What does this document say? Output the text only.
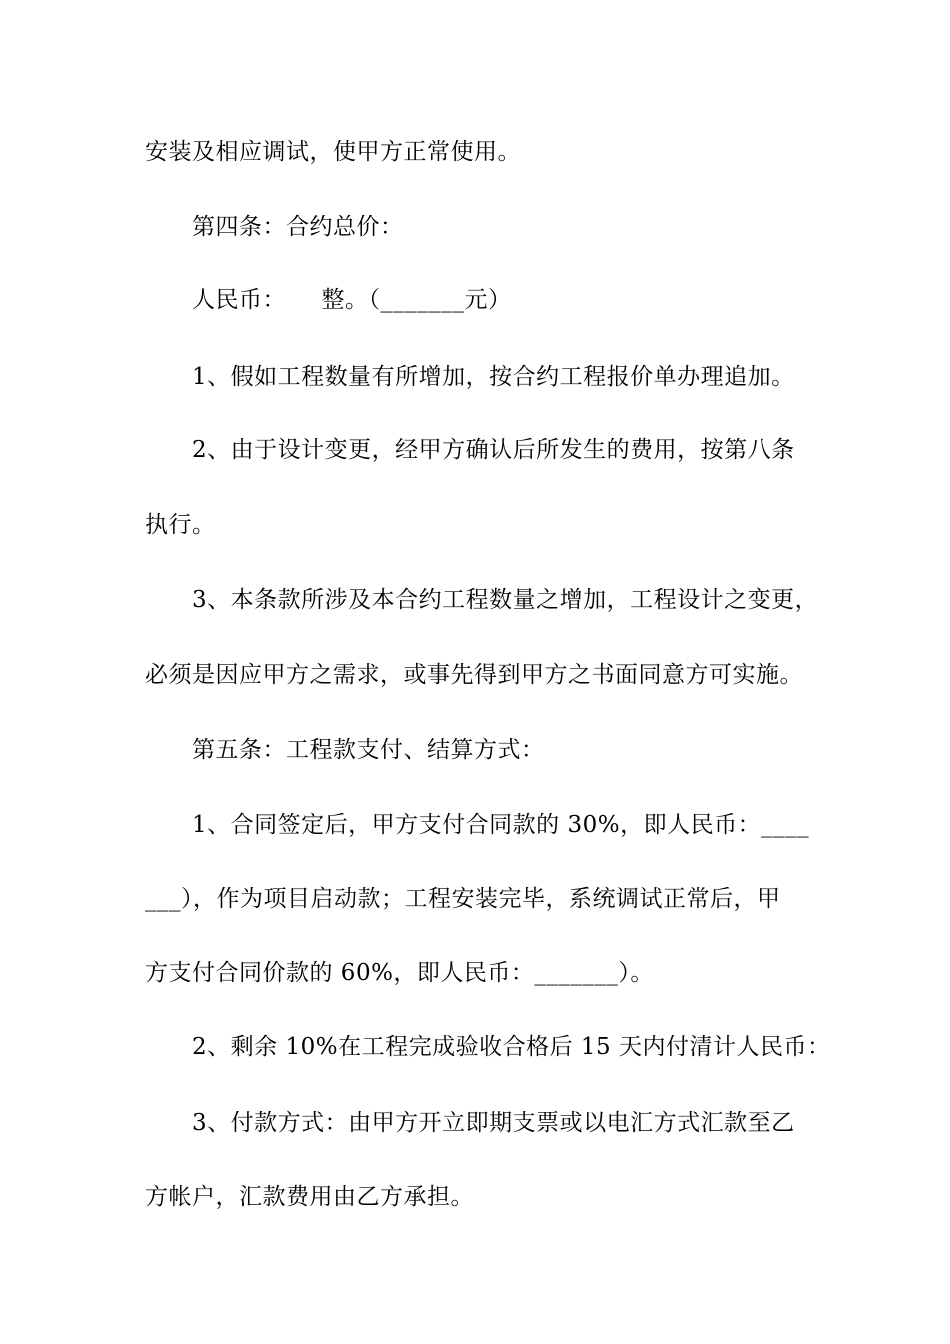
安装及相应调试，使甲方正常使用。
第四条：合约总价：
人民币：　　整。（_______元）
1、假如工程数量有所增加，按合约工程报价单办理追加。
2、由于设计变更，经甲方确认后所发生的费用，按第八条
执行。
3、本条款所涉及本合约工程数量之增加，工程设计之变更，
必须是因应甲方之需求，或事先得到甲方之书面同意方可实施。
第五条：工程款支付、结算方式：
1、合同签定后，甲方支付合同款的 30%，即人民币：____
___），作为项目启动款；工程安装完毕，系统调试正常后，甲
方支付合同价款的 60%，即人民币：_______）。
2、剩余 10%在工程完成验收合格后 15 天内付清计人民币：
3、付款方式：由甲方开立即期支票或以电汇方式汇款至乙
方帐户，汇款费用由乙方承担。
